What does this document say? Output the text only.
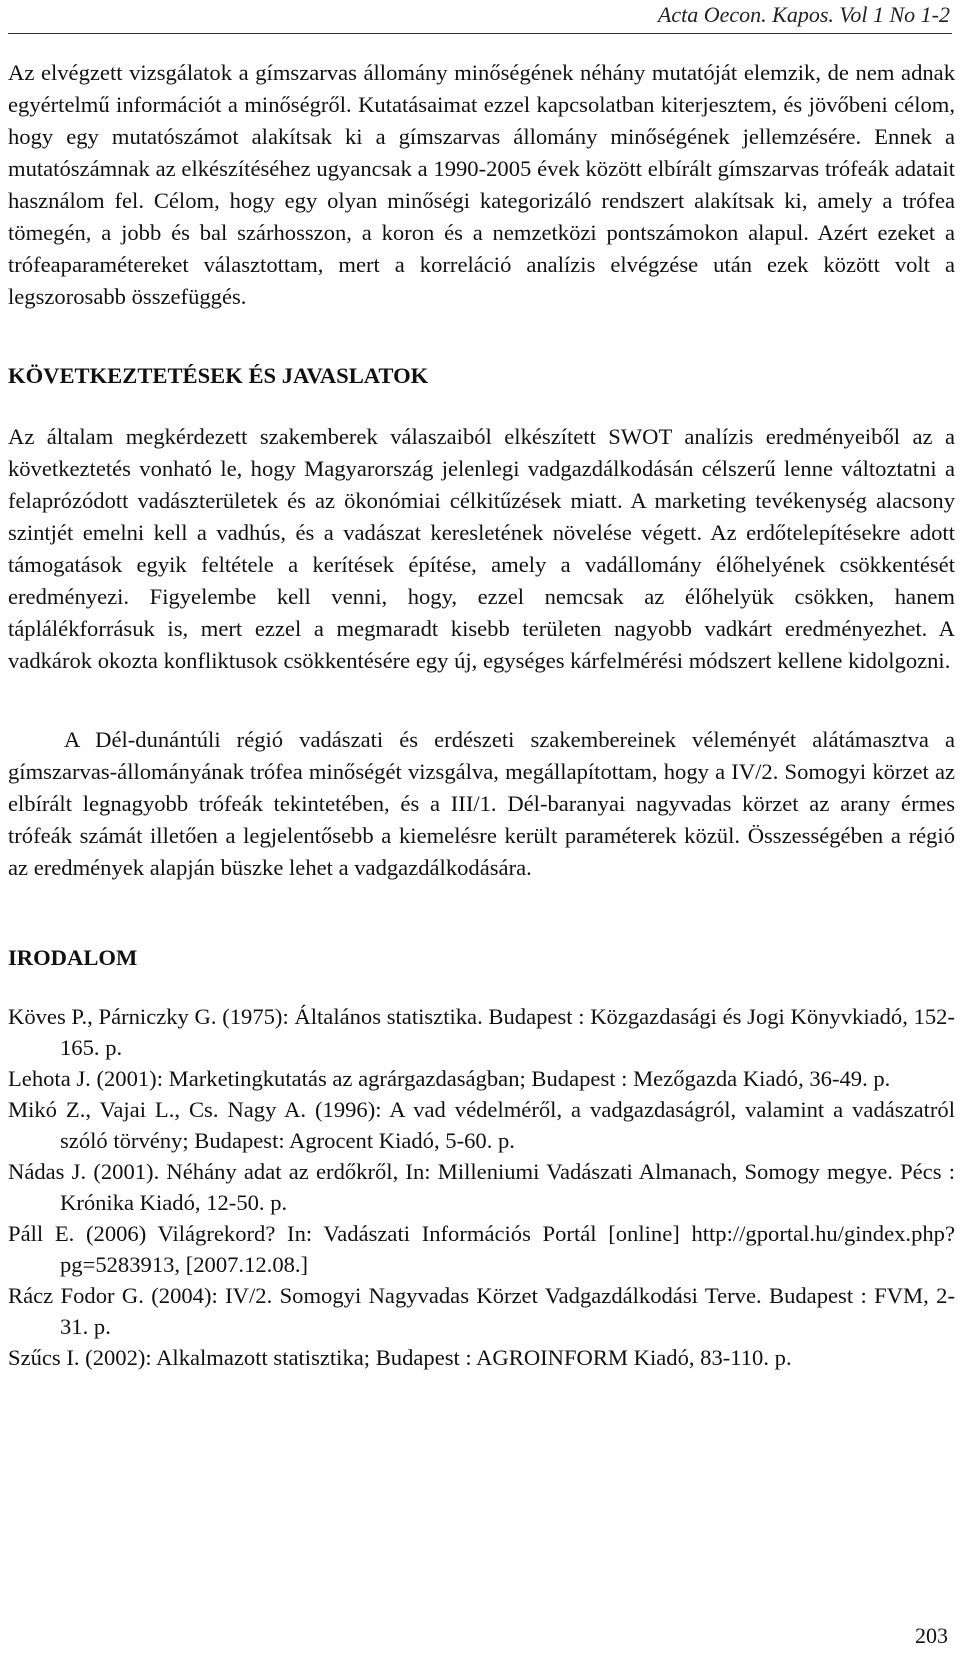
Acta Oecon. Kapos. Vol 1 No 1-2

Az elvégzett vizsgálatok a gímszarvas állomány minőségének néhány mutatóját elemzik, de nem adnak egyértelmű információt a minőségről. Kutatásaimat ezzel kapcsolatban kiterjesztem, és jövőbeni célom, hogy egy mutatószámot alakítsak ki a gímszarvas állomány minőségének jellemzésére. Ennek a mutatószámnak az elkészítéséhez ugyancsak a 1990-2005 évek között elbírált gímszarvas trófeák adatait használom fel. Célom, hogy egy olyan minőségi kategorizáló rendszert alakítsak ki, amely a trófea tömegén, a jobb és bal szárhosszon, a koron és a nemzetközi pontszámokon alapul. Azért ezeket a trófeaparamétereket választottam, mert a korreláció analízis elvégzése után ezek között volt a legszorosabb összefüggés.

KÖVETKEZTETÉSEK ÉS JAVASLATOK

Az általam megkérdezett szakemberek válaszaiból elkészített SWOT analízis eredményeiből az a következtetés vonható le, hogy Magyarország jelenlegi vadgazdálkodásán célszerű lenne változtatni a felaprózódott vadászterületek és az ökonómiai célkitűzések miatt. A marketing tevékenység alacsony szintjét emelni kell a vadhús, és a vadászat keresletének növelése végett. Az erdőtelepítésekre adott támogatások egyik feltétele a kerítések építése, amely a vadállomány élőhelyének csökkentését eredményezi. Figyelembe kell venni, hogy, ezzel nemcsak az élőhelyük csökken, hanem táplálékforrásuk is, mert ezzel a megmaradt kisebb területen nagyobb vadkárt eredményezhet. A vadkárok okozta konfliktusok csökkentésére egy új, egységes kárfelmérési módszert kellene kidolgozni.

A Dél-dunántúli régió vadászati és erdészeti szakembereinek véleményét alátámasztva a gímszarvas-állományának trófea minőségét vizsgálva, megállapítottam, hogy a IV/2. Somogyi körzet az elbírált legnagyobb trófeák tekintetében, és a III/1. Dél-baranyai nagyvadas körzet az arany érmes trófeák számát illetően a legjelentősebb a kiemelésre került paraméterek közül. Összességében a régió az eredmények alapján büszke lehet a vadgazdálkodására.

IRODALOM
Köves P., Párniczky G. (1975): Általános statisztika. Budapest : Közgazdasági és Jogi Könyvkiadó, 152-165. p.
Lehota J. (2001): Marketingkutatás az agrárgazdaságban; Budapest : Mezőgazda Kiadó, 36-49. p.
Mikó Z., Vajai L., Cs. Nagy A. (1996): A vad védelméről, a vadgazdaságról, valamint a vadászatról szóló törvény; Budapest: Agrocent Kiadó, 5-60. p.
Nádas J. (2001). Néhány adat az erdőkről, In: Milleniumi Vadászati Almanach, Somogy megye. Pécs : Krónika Kiadó, 12-50. p.
Páll E. (2006) Világrekord? In: Vadászati Információs Portál [online] http://gportal.hu/gindex.php?pg=5283913, [2007.12.08.]
Rácz Fodor G. (2004): IV/2. Somogyi Nagyvadas Körzet Vadgazdálkodási Terve. Budapest : FVM, 2-31. p.
Szűcs I. (2002): Alkalmazott statisztika; Budapest : AGROINFORM Kiadó, 83-110. p.
203
